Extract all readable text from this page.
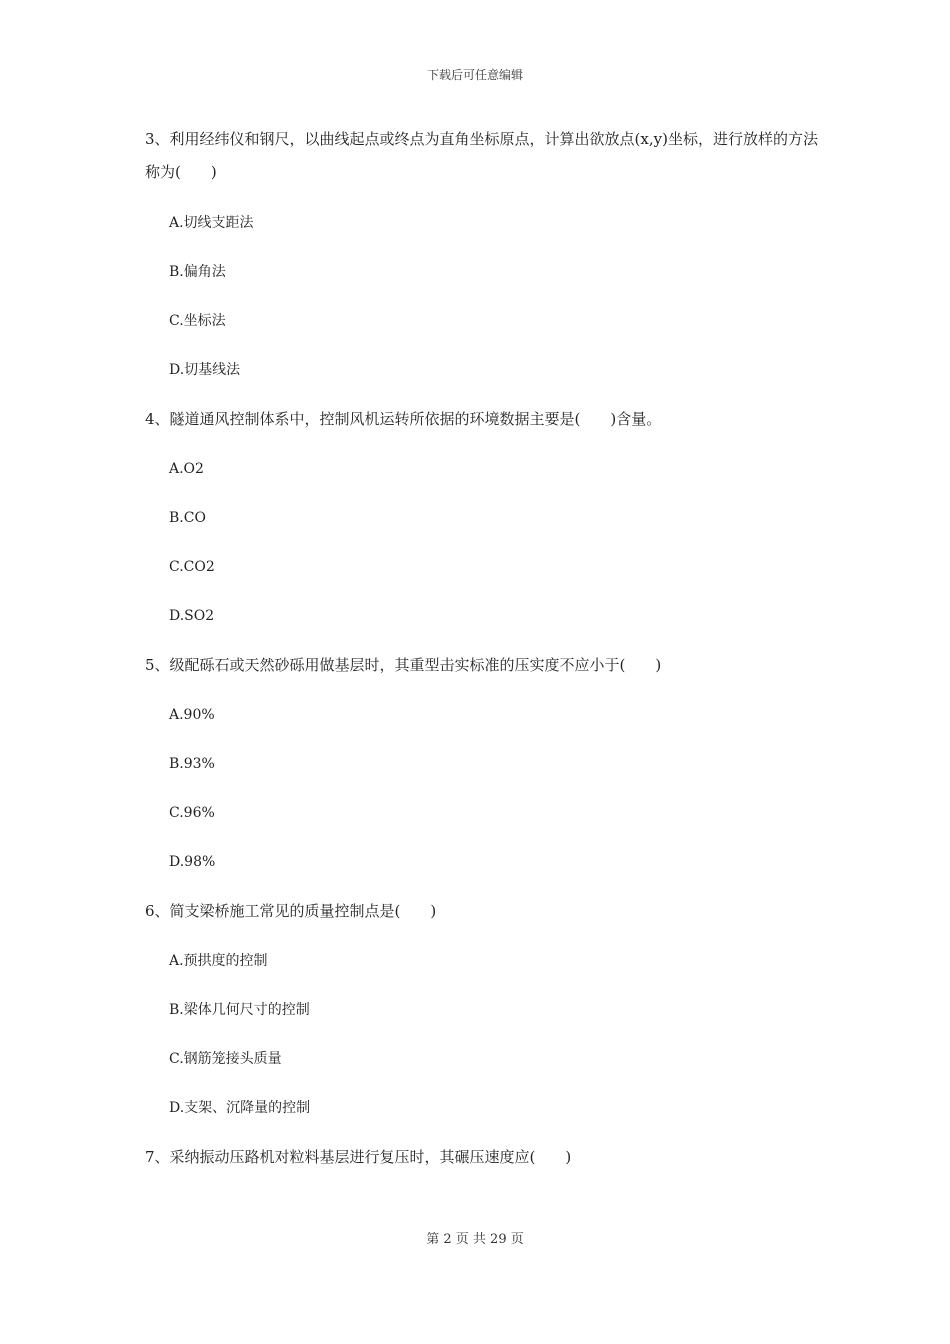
下载后可任意编辑

3、利用经纬仪和钢尺，以曲线起点或终点为直角坐标原点，计算出欲放点(x,y)坐标，进行放样的方法称为(　　)

A.切线支距法
B.偏角法
C.坐标法
D.切基线法
4、隧道通风控制体系中，控制风机运转所依据的环境数据主要是(　　)含量。
A.O2
B.CO
C.CO2
D.SO2
5、级配砾石或天然砂砾用做基层时，其重型击实标准的压实度不应小于(　　)
A.90%
B.93%
C.96%
D.98%
6、简支梁桥施工常见的质量控制点是(　　)
A.预拱度的控制
B.梁体几何尺寸的控制
C.钢筋笼接头质量
D.支架、沉降量的控制
7、采纳振动压路机对粒料基层进行复压时，其碾压速度应(　　)
第 2 页 共 29 页
